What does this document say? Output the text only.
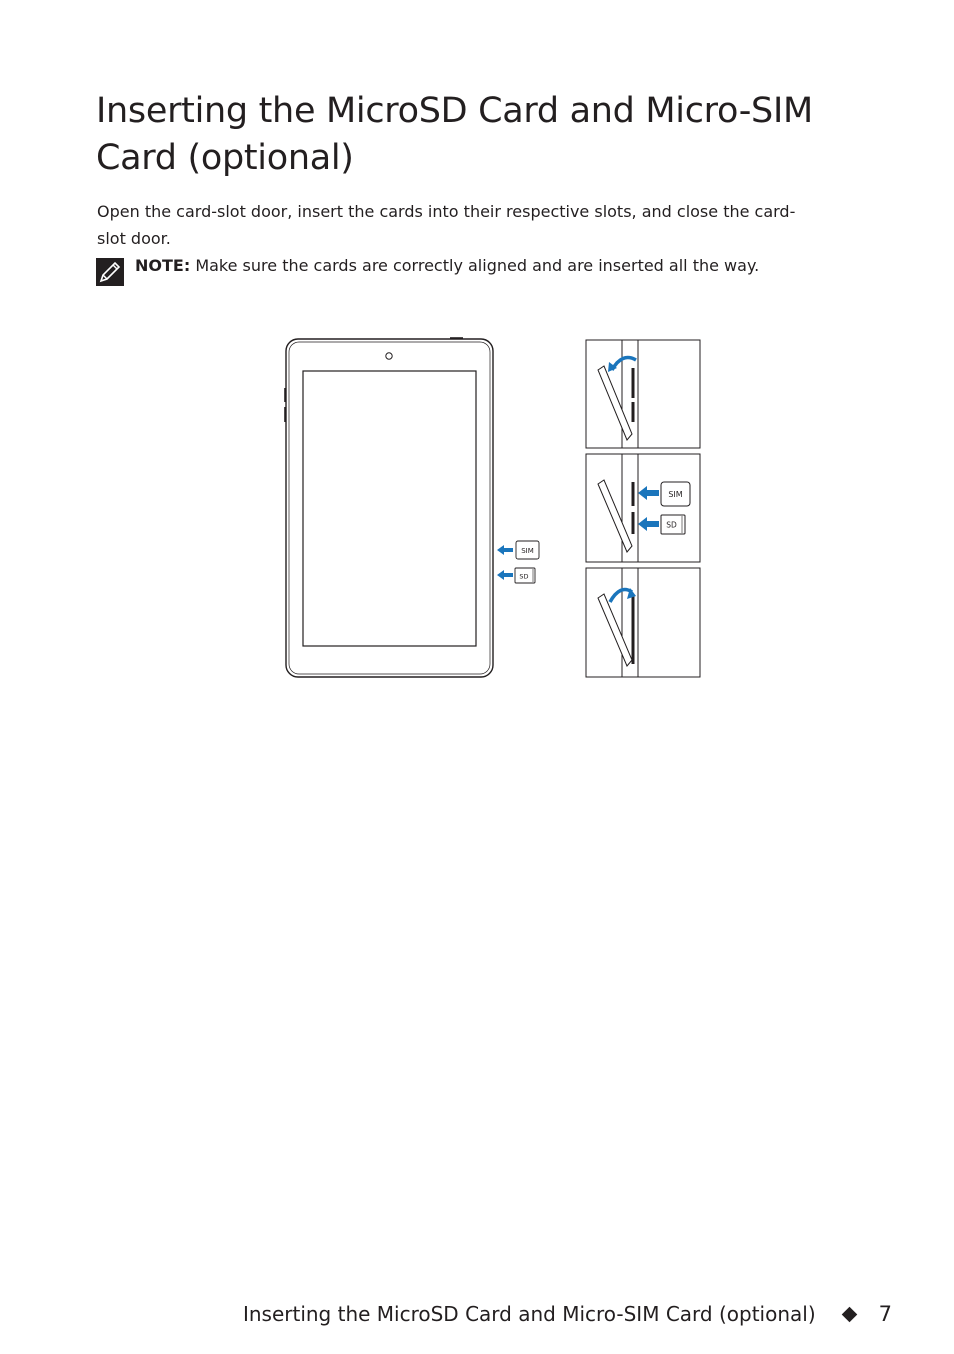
Inserting the MicroSD Card and Micro-SIM Card (optional)

Open the card-slot door, insert the cards into their respective slots, and close the card-slot door.

NOTE: Make sure the cards are correctly aligned and are inserted all the way.

SIM
SD
SIM
SD
Inserting the MicroSD Card and Micro-SIM Card (optional)	7
